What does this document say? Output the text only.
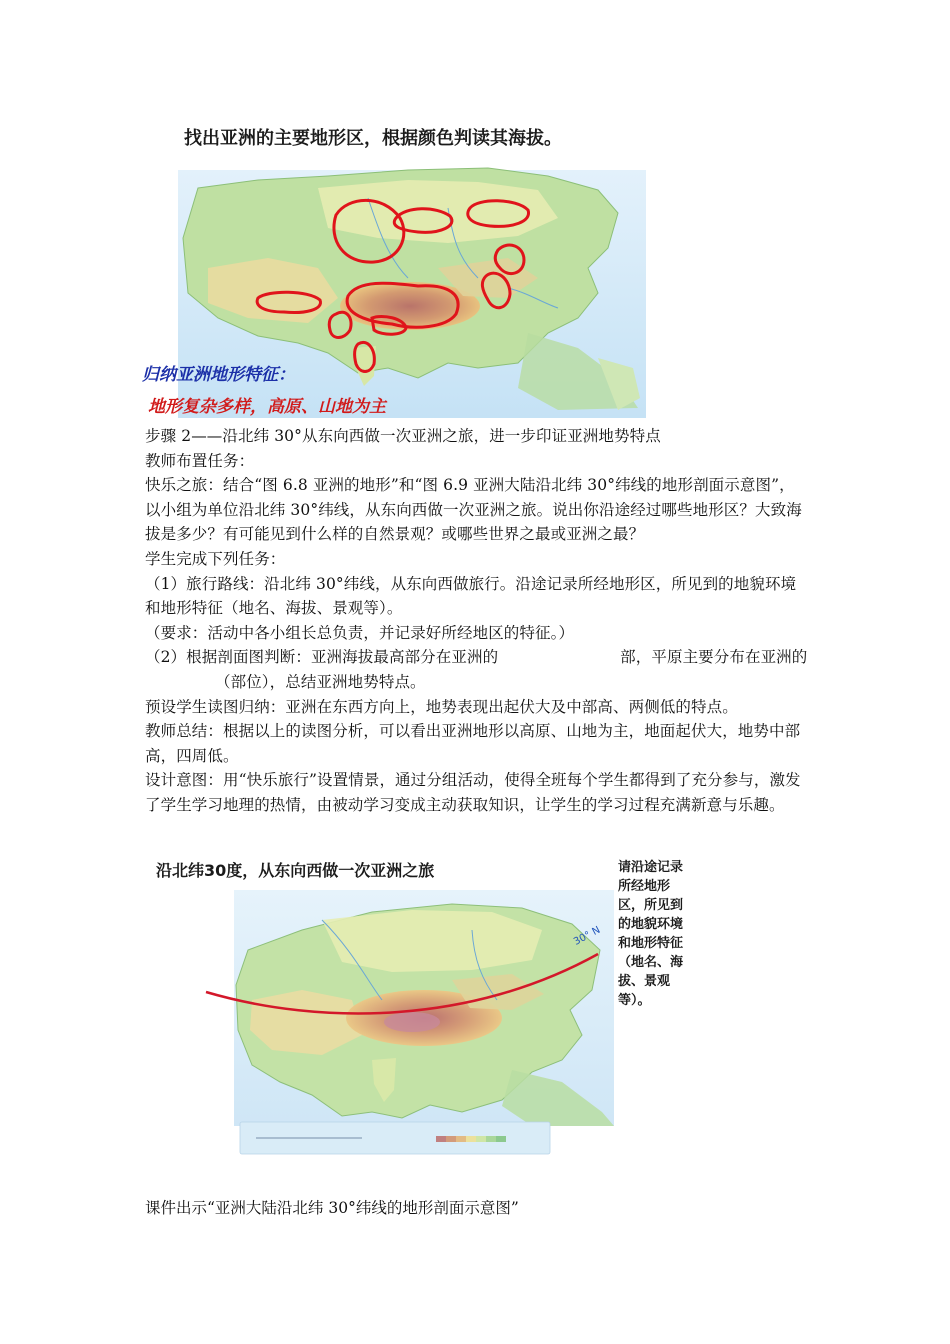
找出亚洲的主要地形区，根据颜色判读其海拔。
归纳亚洲地形特征：
地形复杂多样，高原、山地为主

步骤 2——沿北纬 30°从东向西做一次亚洲之旅，进一步印证亚洲地势特点

教师布置任务：

快乐之旅：结合“图 6.8 亚洲的地形”和“图 6.9 亚洲大陆沿北纬 30°纬线的地形剖面示意图”，以小组为单位沿北纬 30°纬线，从东向西做一次亚洲之旅。说出你沿途经过哪些地形区？大致海拔是多少？有可能见到什么样的自然景观？或哪些世界之最或亚洲之最？

学生完成下列任务：

（1）旅行路线：沿北纬 30°纬线，从东向西做旅行。沿途记录所经地形区，所见到的地貌环境和地形特征（地名、海拔、景观等）。

（要求：活动中各小组长总负责，并记录好所经地区的特征。）

（2）根据剖面图判断：亚洲海拔最高部分在亚洲的	部，平原主要分布在亚洲的（部位），总结亚洲地势特点。

预设学生读图归纳：亚洲在东西方向上，地势表现出起伏大及中部高、两侧低的特点。

教师总结：根据以上的读图分析，可以看出亚洲地形以高原、山地为主，地面起伏大，地势中部高，四周低。

设计意图：用“快乐旅行”设置情景，通过分组活动，使得全班每个学生都得到了充分参与，激发了学生学习地理的热情，由被动学习变成主动获取知识，让学生的学习过程充满新意与乐趣。

沿北纬30度，从东向西做一次亚洲之旅	请沿途记录所经地形区，所见到的地貌环境和地形特征（地名、海拔、景观等）。
30° N
课件出示“亚洲大陆沿北纬 30°纬线的地形剖面示意图”
